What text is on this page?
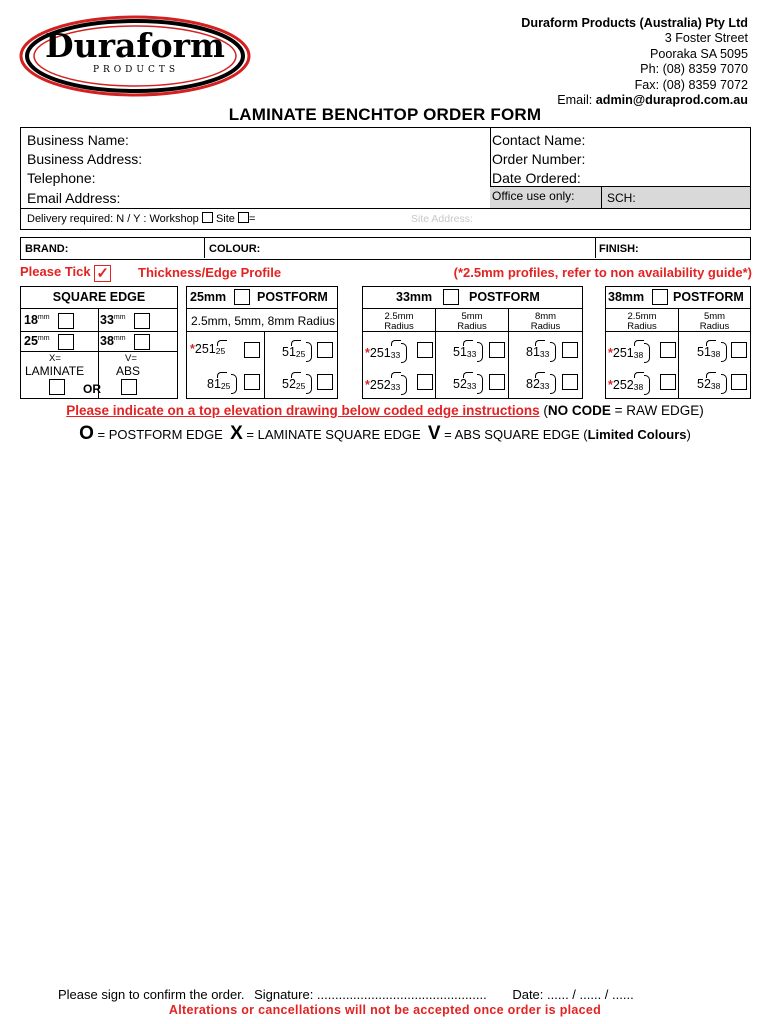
Duraform
PRODUCTS
Duraform Products (Australia) Pty Ltd
3 Foster Street
Pooraka SA 5095
Ph: (08) 8359 7070
Fax: (08) 8359 7072
Email: admin@duraprod.com.au
LAMINATE BENCHTOP ORDER FORM
Business Name:
Business Address:
Telephone:
Email Address:
Contact Name:
Order Number:
Date Ordered:
Office use only:	SCH:
Delivery required: N / Y : Workshop Site =	Site Address:
BRAND:	COLOUR:	FINISH:
Please Tick ✓ Thickness/Edge Profile	(*2.5mm profiles, refer to non availability guide*)
SQUARE EDGE
$18^{mm}$	$33^{mm}$
$25^{mm}$	$38^{mm}$
X=	V=
LAMINATE	ABS
OR
25mm POSTFORM
2.5mm, 5mm, 8mm Radius
$*251_{25}$	$51_{25}$
$81_{25}$	$52_{25}$
33mm	POSTFORM
2.5mm
Radius
5mm
Radius
8mm
Radius
$*251_{33}$	$51_{33}$	$81_{33}$
$*252_{33}$	$52_{33}$	$82_{33}$
38mm POSTFORM
2.5mm
Radius
5mm
Radius
$*251_{38}$	$51_{38}$
$*252_{38}$	$52_{38}$
Please indicate on a top elevation drawing below coded edge instructions (NO CODE = RAW EDGE)
O = POSTFORM EDGE X = LAMINATE SQUARE EDGE V = ABS SQUARE EDGE (Limited Colours)
Please sign to confirm the order. Signature: ............................................... Date: ...... / ...... / ......
Alterations or cancellations will not be accepted once order is placed
